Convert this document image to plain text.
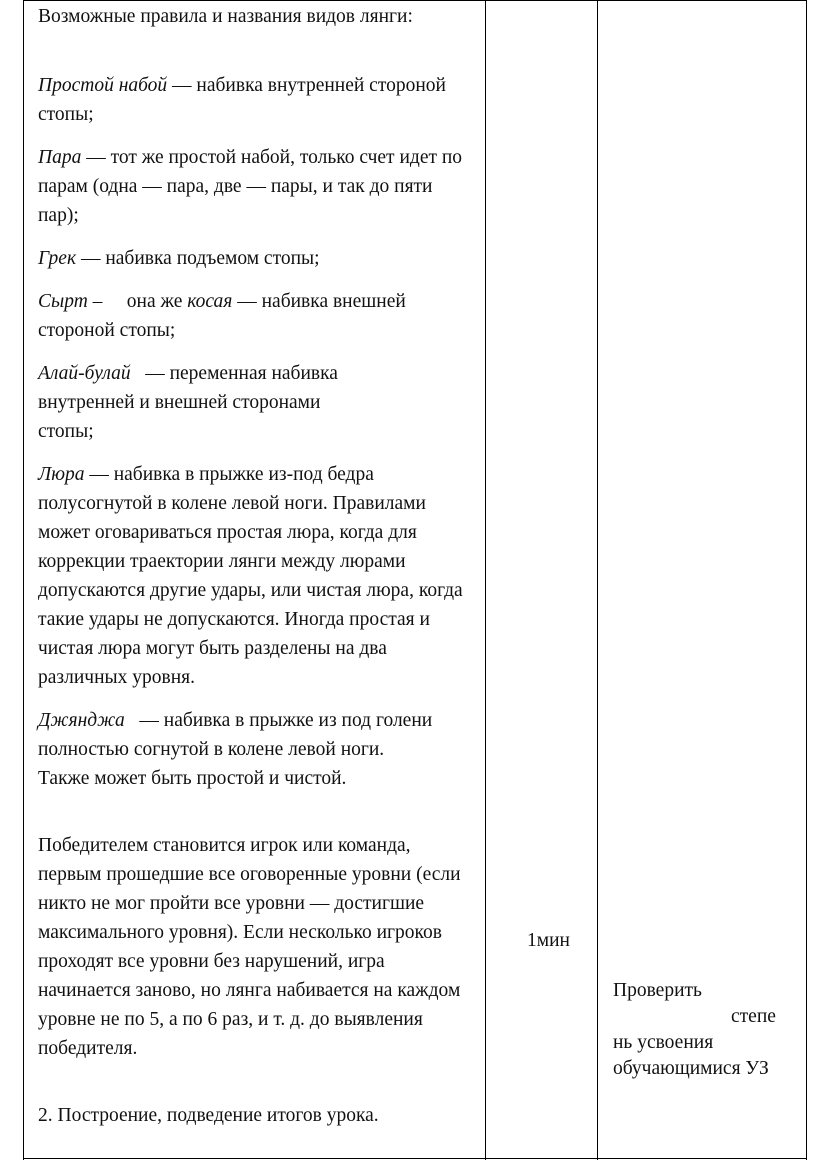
Возможные правила и названия видов лянги:

Простой набой — набивка внутренней стороной стопы;

Пара — тот же простой набой, только счет идет по парам (одна — пара, две — пары, и так до пяти пар);

Грек — набивка подъемом стопы;

Сырт –     она же косая — набивка внешней стороной стопы;

Алай-булай   — переменная набивка внутренней и внешней сторонами стопы;

Люра — набивка в прыжке из-под бедра полусогнутой в колене левой ноги. Правилами может оговариваться простая люра, когда для коррекции траектории лянги между люрами допускаются другие удары, или чистая люра, когда такие удары не допускаются. Иногда простая и чистая люра могут быть разделены на два различных уровня.

Джянджа   — набивка в прыжке из под голени полностью согнутой в колене левой ноги.

Также может быть простой и чистой.

Победителем становится игрок или команда, первым прошедшие все оговоренные уровни (если никто не мог пройти все уровни — достигшие максимального уровня). Если несколько игроков проходят все уровни без нарушений, игра начинается заново, но лянга набивается на каждом уровне не по 5, а по 6 раз, и т. д. до выявления победителя.

2. Построение, подведение итогов урока.

1мин
Проверить
степе
нь усвоения обучающимися УЗ
